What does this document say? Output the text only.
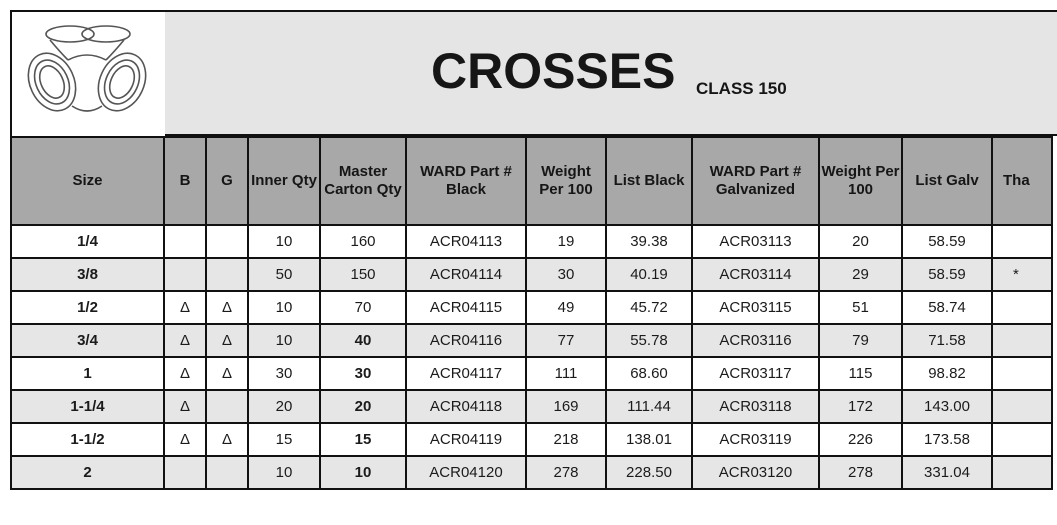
CROSSES CLASS 150
Size	B	G	Inner Qty	Master Carton Qty	WARD Part # Black	Weight Per 100	List Black	WARD Part # Galvanized	Weight Per 100	List Galv	Tha
1/4			10	160	ACR04113	19	39.38	ACR03113	20	58.59	
3/8			50	150	ACR04114	30	40.19	ACR03114	29	58.59	*
1/2	Δ	Δ	10	70	ACR04115	49	45.72	ACR03115	51	58.74	
3/4	Δ	Δ	10	40	ACR04116	77	55.78	ACR03116	79	71.58	
1	Δ	Δ	30	30	ACR04117	111	68.60	ACR03117	115	98.82	
1-1/4	Δ		20	20	ACR04118	169	111.44	ACR03118	172	143.00	
1-1/2	Δ	Δ	15	15	ACR04119	218	138.01	ACR03119	226	173.58	
2			10	10	ACR04120	278	228.50	ACR03120	278	331.04	
